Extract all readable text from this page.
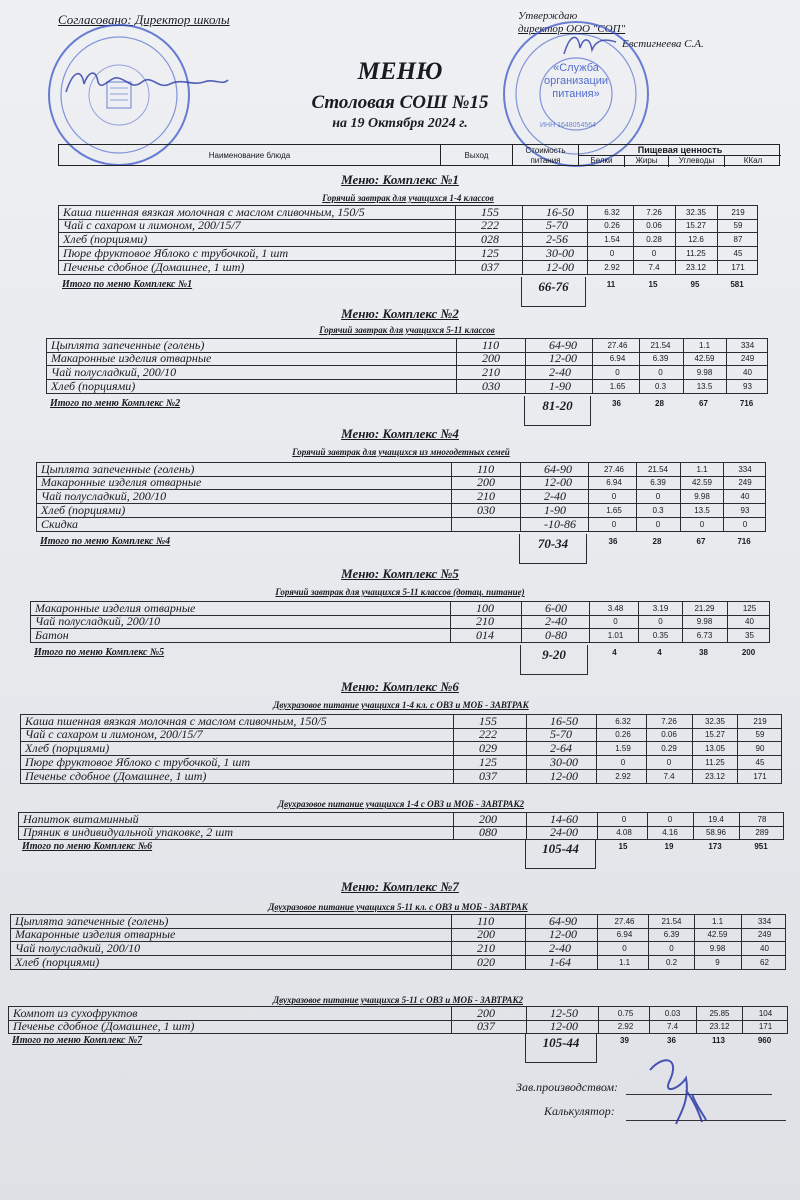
Согласовано: Директор школы	Утверждаю
директор ООО "СОП"
Евстигнеева С.А.
«Служба организации питания»
ИНН 1648054564
МЕНЮ
Столовая СОШ №15
на 19 Октября 2024 г.
Наименование блюда	Выход
Стоимость питания
Пищевая ценность
Белки	Жиры	Углеводы	ККал
Меню: Комплекс №1
Горячий завтрак для учащихся 1-4 классов
Каша пшенная вязкая молочная с маслом сливочным, 150/5	155	16-50	6.32	7.26	32.35	219
Чай с сахаром и лимоном, 200/15/7	222	5-70	0.26	0.06	15.27	59
Хлеб (порциями)	028	2-56	1.54	0.28	12.6	87
Пюре фруктовое Яблоко с трубочкой, 1 шт	125	30-00	0	0	11.25	45
Печенье сдобное (Домашнее, 1 шт)	037	12-00	2.92	7.4	23.12	171
Итого по меню Комплекс №1	66-76	11	15	95	581
Меню: Комплекс №2
Горячий завтрак для учащихся 5-11 классов
Цыплята запеченные (голень)	110	64-90	27.46	21.54	1.1	334
Макаронные изделия отварные	200	12-00	6.94	6.39	42.59	249
Чай полусладкий, 200/10	210	2-40	0	0	9.98	40
Хлеб (порциями)	030	1-90	1.65	0.3	13.5	93
Итого по меню Комплекс №2	81-20	36	28	67	716
Меню: Комплекс №4
Горячий завтрак для учащихся из многодетных семей
Цыплята запеченные (голень)	110	64-90	27.46	21.54	1.1	334
Макаронные изделия отварные	200	12-00	6.94	6.39	42.59	249
Чай полусладкий, 200/10	210	2-40	0	0	9.98	40
Хлеб (порциями)	030	1-90	1.65	0.3	13.5	93
Скидка	-10-86	0	0	0	0
Итого по меню Комплекс №4	70-34	36	28	67	716
Меню: Комплекс №5
Горячий завтрак для учащихся 5-11 классов (дотац. питание)
Макаронные изделия отварные	100	6-00	3.48	3.19	21.29	125
Чай полусладкий, 200/10	210	2-40	0	0	9.98	40
Батон	014	0-80	1.01	0.35	6.73	35
Итого по меню Комплекс №5	9-20	4	4	38	200
Меню: Комплекс №6
Двухразовое питание учащихся 1-4 кл. с ОВЗ и МОБ - ЗАВТРАК
Каша пшенная вязкая молочная с маслом сливочным, 150/5	155	16-50	6.32	7.26	32.35	219
Чай с сахаром и лимоном, 200/15/7	222	5-70	0.26	0.06	15.27	59
Хлеб (порциями)	029	2-64	1.59	0.29	13.05	90
Пюре фруктовое Яблоко с трубочкой, 1 шт	125	30-00	0	0	11.25	45
Печенье сдобное (Домашнее, 1 шт)	037	12-00	2.92	7.4	23.12	171
Двухразовое питание учащихся 1-4 с ОВЗ и МОБ - ЗАВТРАК2
Напиток витаминный	200	14-60	0	0	19.4	78
Пряник в индивидуальной упаковке, 2 шт	080	24-00	4.08	4.16	58.96	289
Итого по меню Комплекс №6	105-44	15	19	173	951
Меню: Комплекс №7
Двухразовое питание учащихся 5-11 кл. с ОВЗ и МОБ - ЗАВТРАК
Цыплята запеченные (голень)	110	64-90	27.46	21.54	1.1	334
Макаронные изделия отварные	200	12-00	6.94	6.39	42.59	249
Чай полусладкий, 200/10	210	2-40	0	0	9.98	40
Хлеб (порциями)	020	1-64	1.1	0.2	9	62
Двухразовое питание учащихся 5-11 с ОВЗ и МОБ - ЗАВТРАК2
Компот из сухофруктов	200	12-50	0.75	0.03	25.85	104
Печенье сдобное (Домашнее, 1 шт)	037	12-00	2.92	7.4	23.12	171
Итого по меню Комплекс №7	105-44	39	36	113	960
Зав.производством:
Калькулятор:
